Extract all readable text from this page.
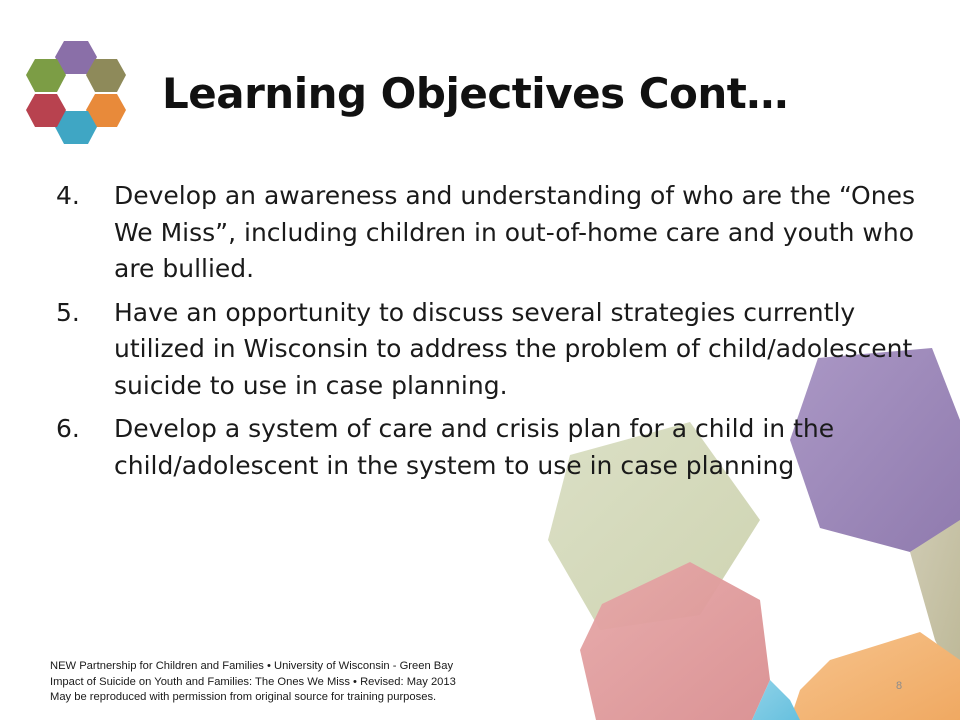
Learning Objectives Cont…
4.	Develop an awareness and understanding of who are the “Ones We Miss”, including children in out-of-home care and youth who are bullied.
5.	Have an opportunity to discuss several strategies currently utilized in Wisconsin to address the problem of child/adolescent suicide to use in case planning.
6.	Develop a system of care and crisis plan for a child in the child/adolescent in the system to use in case planning
NEW Partnership for Children and Families • University of Wisconsin - Green Bay
Impact of Suicide on Youth and Families: The Ones We Miss • Revised: May 2013
May be reproduced with permission from original source for training purposes.
8
